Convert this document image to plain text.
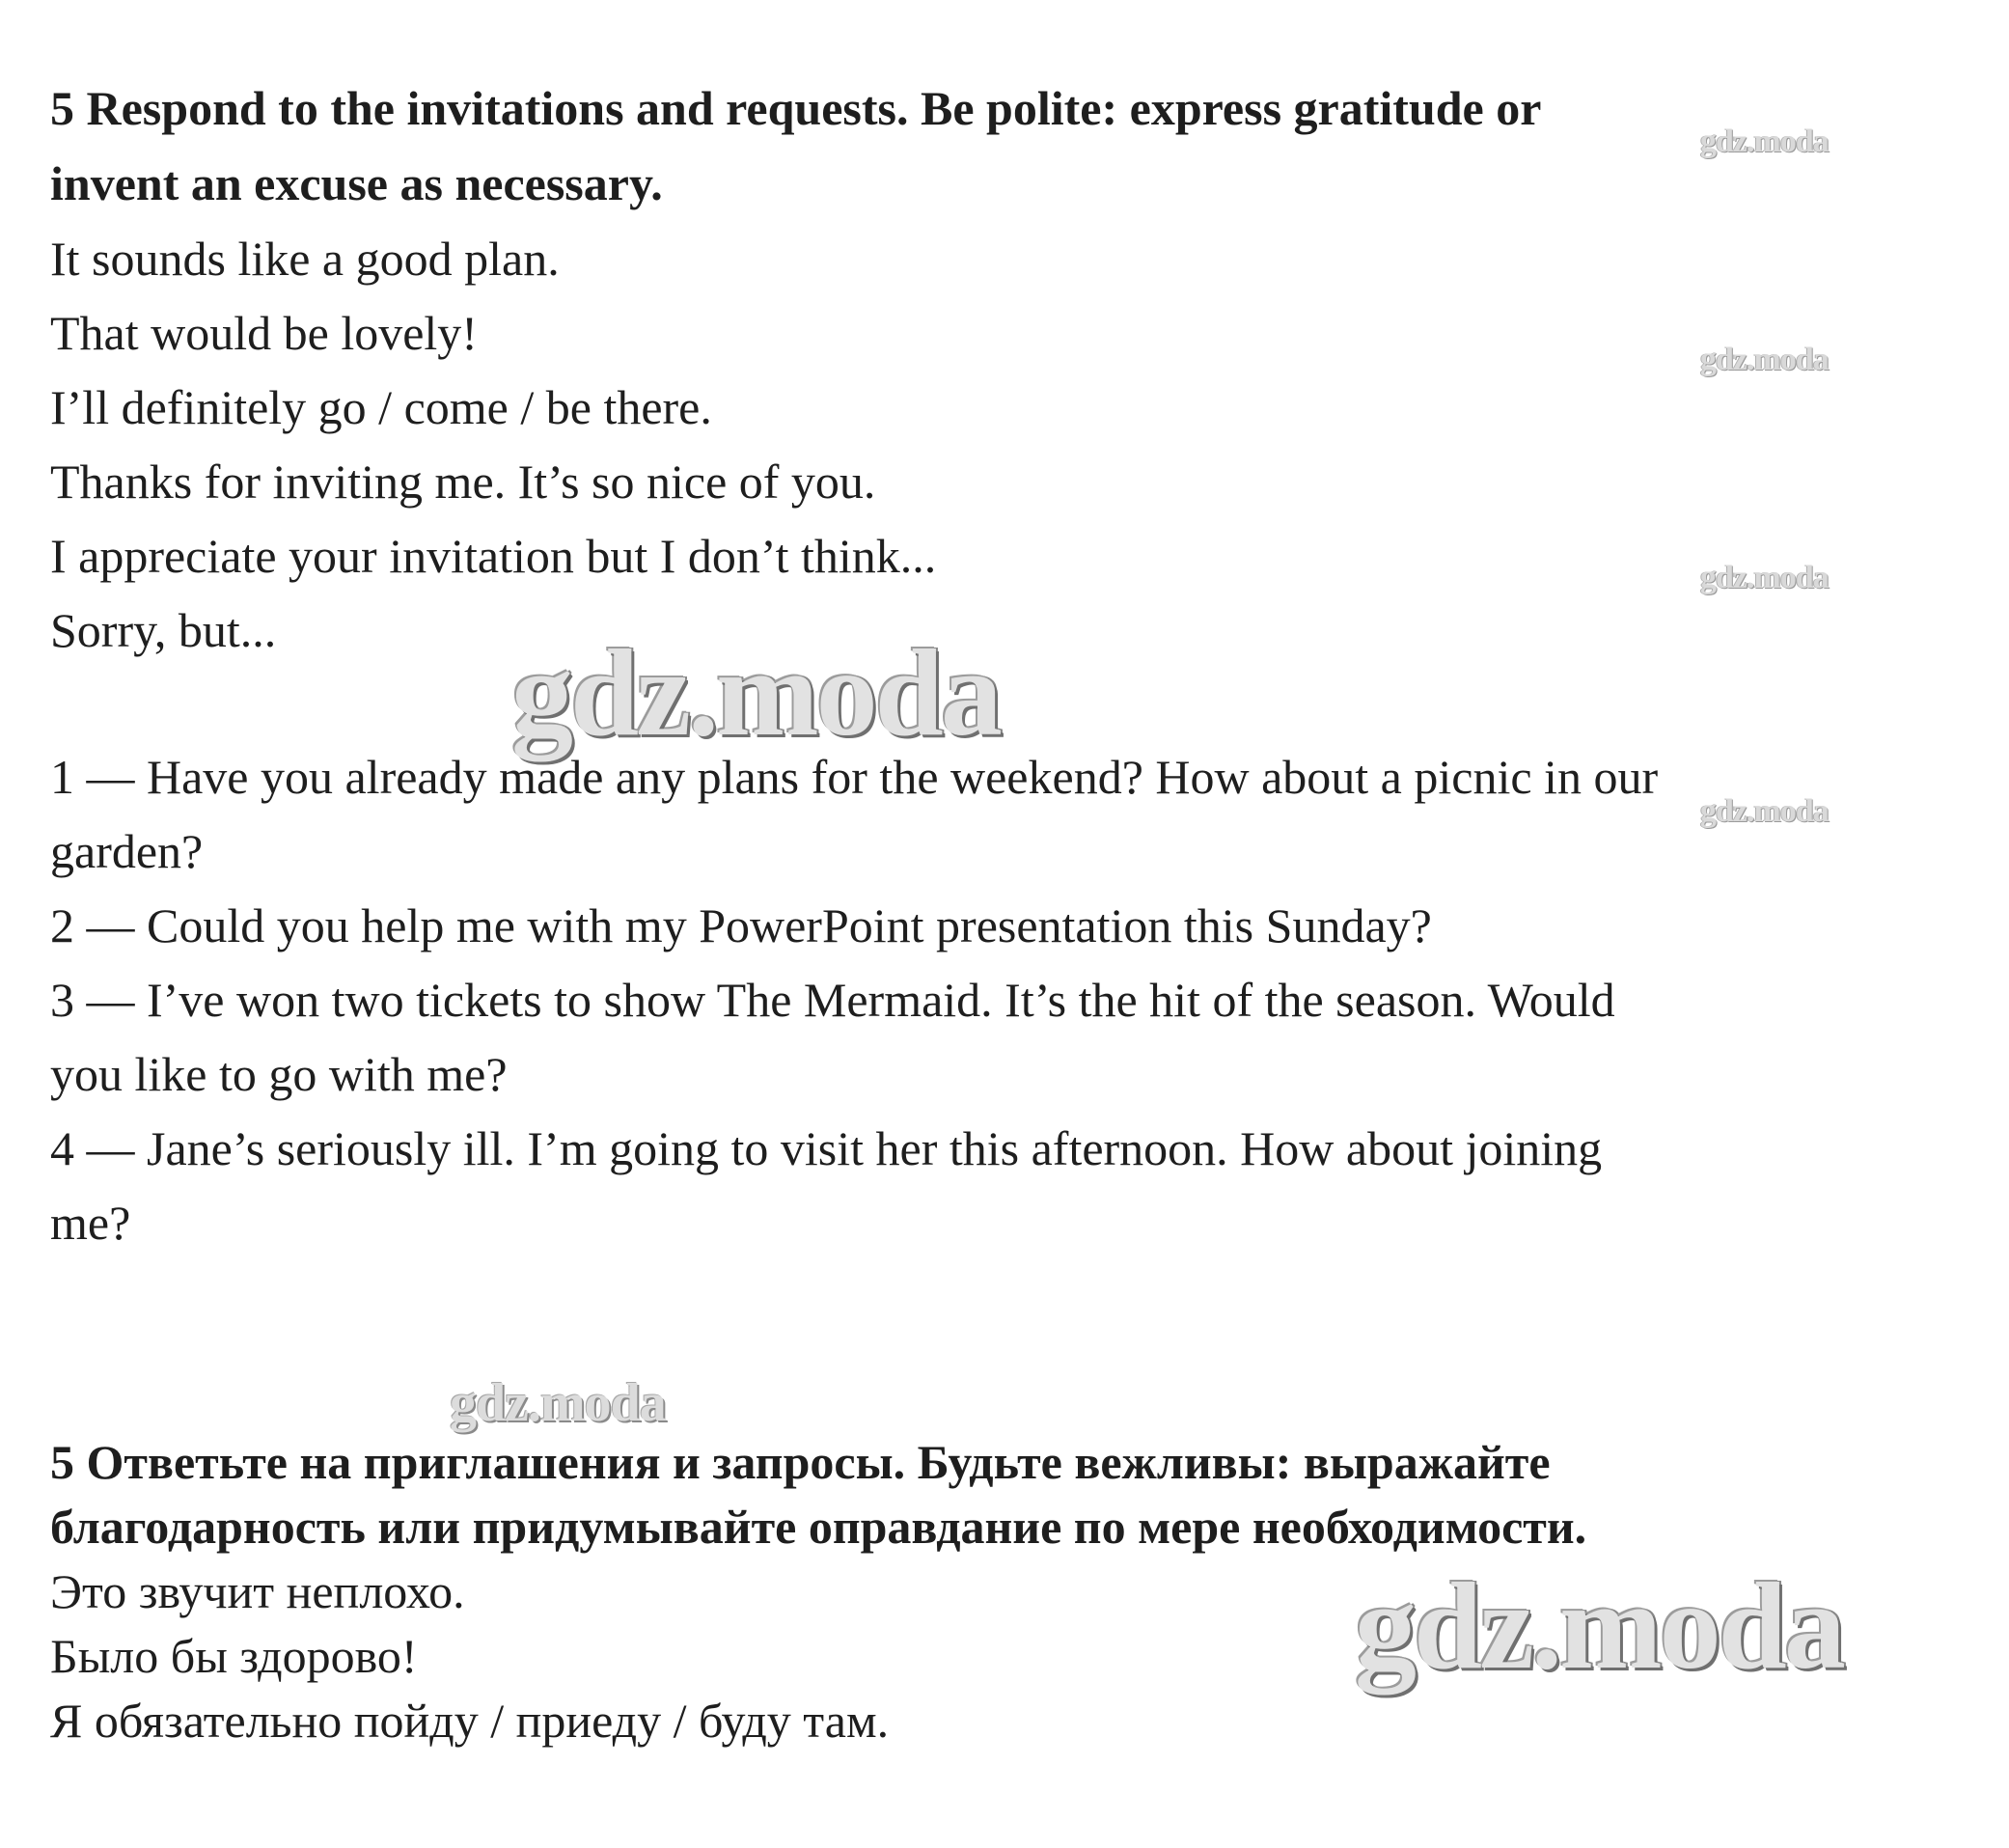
5 Respond to the invitations and requests. Be polite: express gratitude or

invent an excuse as necessary.

It sounds like a good plan.

That would be lovely!

I’ll definitely go / come / be there.

Thanks for inviting me. It’s so nice of you.

I appreciate your invitation but I don’t think...

Sorry, but...

1 — Have you already made any plans for the weekend? How about a picnic in our

garden?

2 — Could you help me with my PowerPoint presentation this Sunday?

3 — I’ve won two tickets to show The Mermaid. It’s the hit of the season. Would

you like to go with me?

4 — Jane’s seriously ill. I’m going to visit her this afternoon. How about joining

me?

5 Ответьте на приглашения и запросы. Будьте вежливы: выражайте

благодарность или придумывайте оправдание по мере необходимости.

Это звучит неплохо.

Было бы здорово!

Я обязательно пойду / приеду / буду там.

gdz.moda
gdz.moda
gdz.moda
gdz.moda
gdz.moda
gdz.moda
gdz.moda
